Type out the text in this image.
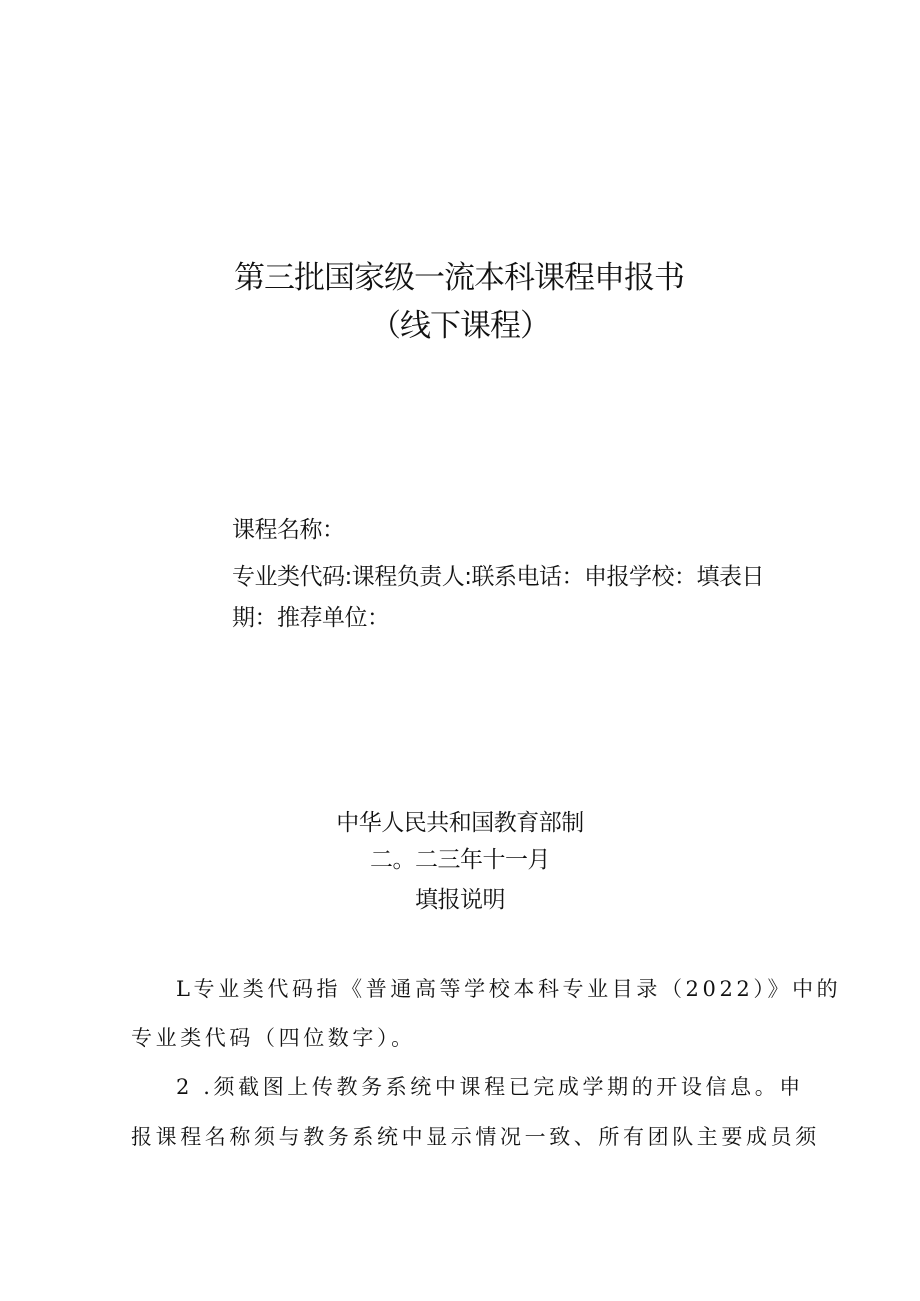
第三批国家级一流本科课程申报书
（线下课程）
课程名称：
专业类代码:课程负责人:联系电话：申报学校：填表日
期：推荐单位：
中华人民共和国教育部制
二。二三年十一月
填报说明
L专业类代码指《普通高等学校本科专业目录（2022）》中的
专业类代码（四位数字）。
2 .须截图上传教务系统中课程已完成学期的开设信息。申
报课程名称须与教务系统中显示情况一致、所有团队主要成员须
